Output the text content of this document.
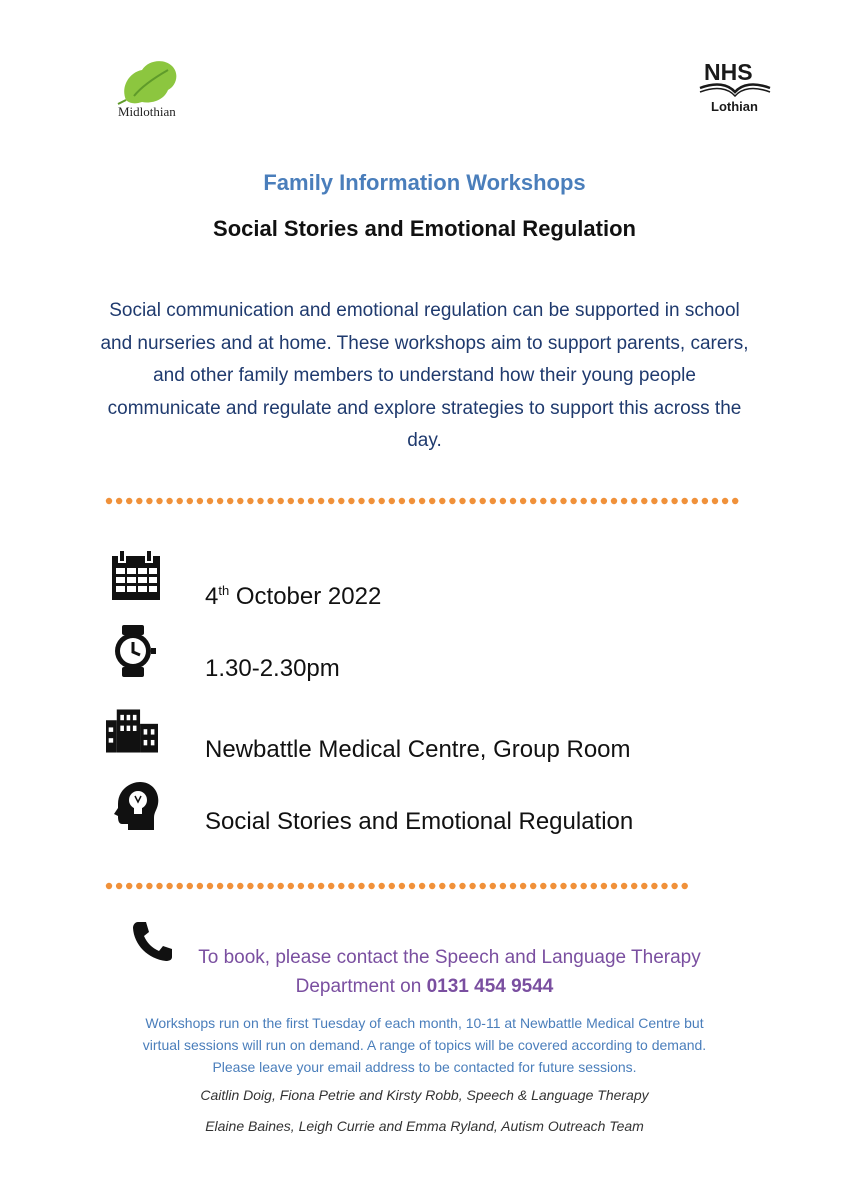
Midlothian
NHS
Lothian
Family Information Workshops
Social Stories and Emotional Regulation
Social communication and emotional regulation can be supported in school and nurseries and at home. These workshops aim to support parents, carers, and other family members to understand how their young people communicate and regulate and explore strategies to support this across the day.
4th October 2022
1.30-2.30pm
Newbattle Medical Centre, Group Room
Social Stories and Emotional Regulation
To book, please contact the Speech and Language Therapy
Department on 0131 454 9544
Workshops run on the first Tuesday of each month, 10-11 at Newbattle Medical Centre but
virtual sessions will run on demand. A range of topics will be covered according to demand.
Please leave your email address to be contacted for future sessions.
Caitlin Doig, Fiona Petrie and Kirsty Robb, Speech & Language Therapy
Elaine Baines, Leigh Currie and Emma Ryland, Autism Outreach Team
